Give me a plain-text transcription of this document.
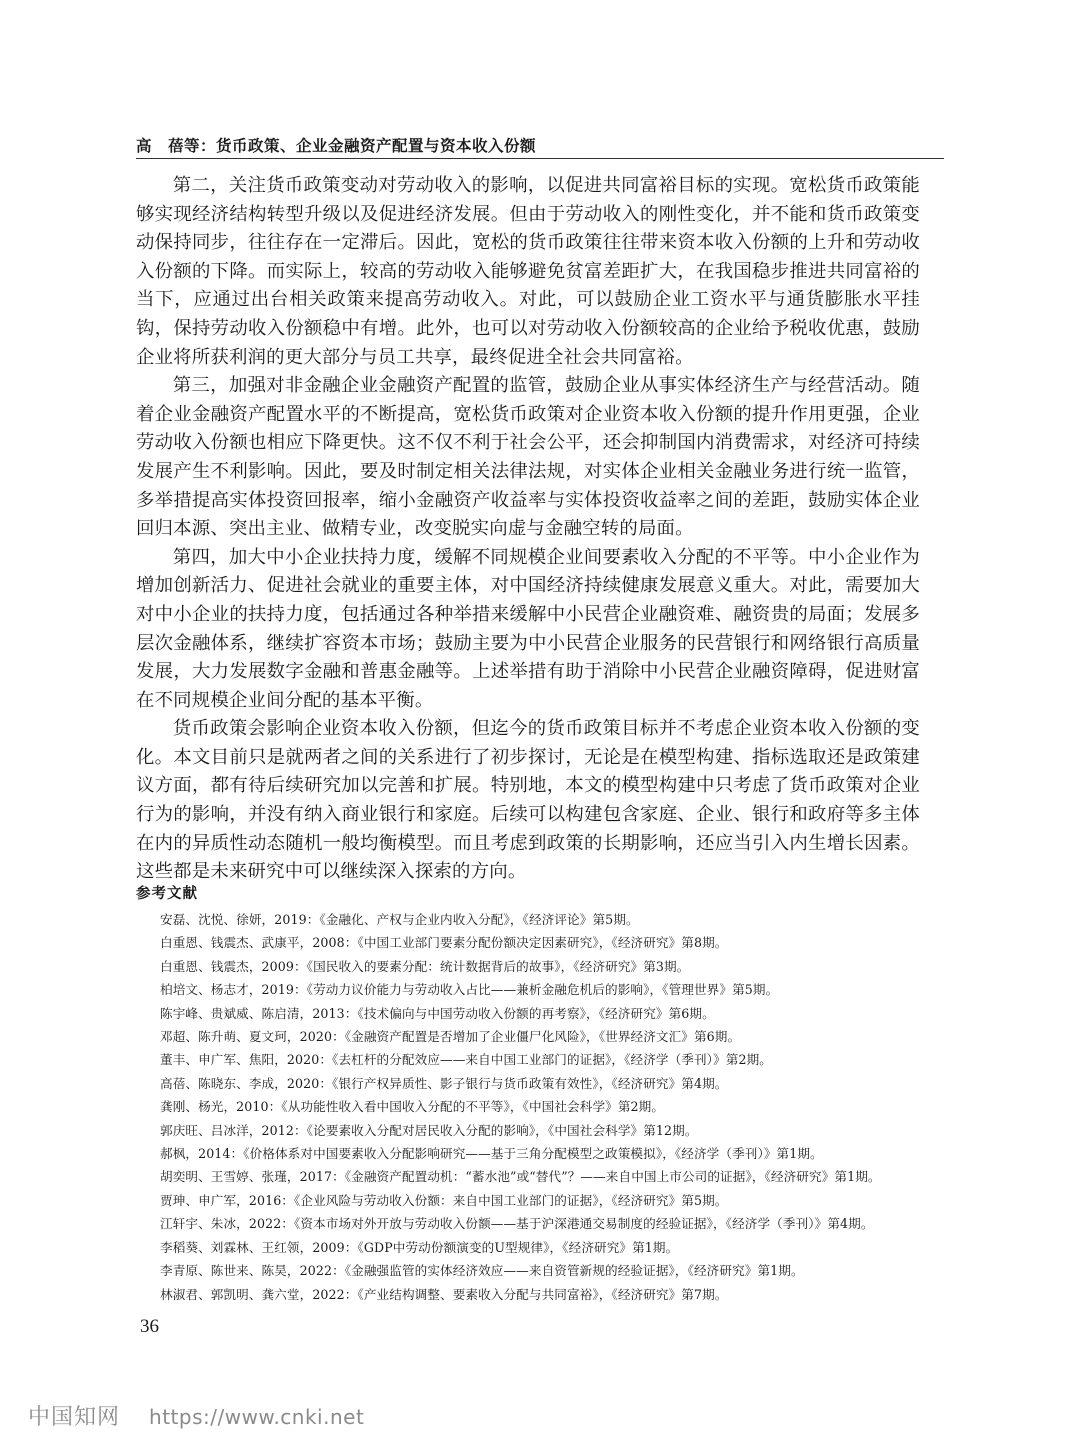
高　蓓等：货币政策、企业金融资产配置与资本收入份额

第二，关注货币政策变动对劳动收入的影响，以促进共同富裕目标的实现。宽松货币政策能够实现经济结构转型升级以及促进经济发展。但由于劳动收入的刚性变化，并不能和货币政策变动保持同步，往往存在一定滞后。因此，宽松的货币政策往往带来资本收入份额的上升和劳动收入份额的下降。而实际上，较高的劳动收入能够避免贫富差距扩大，在我国稳步推进共同富裕的当下，应通过出台相关政策来提高劳动收入。对此，可以鼓励企业工资水平与通货膨胀水平挂钩，保持劳动收入份额稳中有增。此外，也可以对劳动收入份额较高的企业给予税收优惠，鼓励企业将所获利润的更大部分与员工共享，最终促进全社会共同富裕。

第三，加强对非金融企业金融资产配置的监管，鼓励企业从事实体经济生产与经营活动。随着企业金融资产配置水平的不断提高，宽松货币政策对企业资本收入份额的提升作用更强，企业劳动收入份额也相应下降更快。这不仅不利于社会公平，还会抑制国内消费需求，对经济可持续发展产生不利影响。因此，要及时制定相关法律法规，对实体企业相关金融业务进行统一监管，多举措提高实体投资回报率，缩小金融资产收益率与实体投资收益率之间的差距，鼓励实体企业回归本源、突出主业、做精专业，改变脱实向虚与金融空转的局面。

第四，加大中小企业扶持力度，缓解不同规模企业间要素收入分配的不平等。中小企业作为增加创新活力、促进社会就业的重要主体，对中国经济持续健康发展意义重大。对此，需要加大对中小企业的扶持力度，包括通过各种举措来缓解中小民营企业融资难、融资贵的局面；发展多层次金融体系，继续扩容资本市场；鼓励主要为中小民营企业服务的民营银行和网络银行高质量发展，大力发展数字金融和普惠金融等。上述举措有助于消除中小民营企业融资障碍，促进财富在不同规模企业间分配的基本平衡。

货币政策会影响企业资本收入份额，但迄今的货币政策目标并不考虑企业资本收入份额的变化。本文目前只是就两者之间的关系进行了初步探讨，无论是在模型构建、指标选取还是政策建议方面，都有待后续研究加以完善和扩展。特别地，本文的模型构建中只考虑了货币政策对企业行为的影响，并没有纳入商业银行和家庭。后续可以构建包含家庭、企业、银行和政府等多主体在内的异质性动态随机一般均衡模型。而且考虑到政策的长期影响，还应当引入内生增长因素。这些都是未来研究中可以继续深入探索的方向。

参考文献
安磊、沈悦、徐妍，2019：《金融化、产权与企业内收入分配》，《经济评论》第5期。
白重恩、钱震杰、武康平，2008：《中国工业部门要素分配份额决定因素研究》，《经济研究》第8期。
白重恩、钱震杰，2009：《国民收入的要素分配：统计数据背后的故事》，《经济研究》第3期。
柏培文、杨志才，2019：《劳动力议价能力与劳动收入占比——兼析金融危机后的影响》，《管理世界》第5期。
陈宇峰、贵斌威、陈启清，2013：《技术偏向与中国劳动收入份额的再考察》，《经济研究》第6期。
邓超、陈升萌、夏文珂，2020：《金融资产配置是否增加了企业僵尸化风险》，《世界经济文汇》第6期。
董丰、申广军、焦阳，2020：《去杠杆的分配效应——来自中国工业部门的证据》，《经济学（季刊）》第2期。
高蓓、陈晓东、李成，2020：《银行产权异质性、影子银行与货币政策有效性》，《经济研究》第4期。
龚刚、杨光，2010：《从功能性收入看中国收入分配的不平等》，《中国社会科学》第2期。
郭庆旺、吕冰洋，2012：《论要素收入分配对居民收入分配的影响》，《中国社会科学》第12期。
郝枫，2014：《价格体系对中国要素收入分配影响研究——基于三角分配模型之政策模拟》，《经济学（季刊）》第1期。
胡奕明、王雪婷、张瑾，2017：《金融资产配置动机：“蓄水池”或“替代”？——来自中国上市公司的证据》，《经济研究》第1期。
贾珅、申广军，2016：《企业风险与劳动收入份额：来自中国工业部门的证据》，《经济研究》第5期。
江轩宇、朱冰，2022：《资本市场对外开放与劳动收入份额——基于沪深港通交易制度的经验证据》，《经济学（季刊）》第4期。
李稻葵、刘霖林、王红领，2009：《GDP中劳动份额演变的U型规律》，《经济研究》第1期。
李青原、陈世来、陈昊，2022：《金融强监管的实体经济效应——来自资管新规的经验证据》，《经济研究》第1期。
林淑君、郭凯明、龚六堂，2022：《产业结构调整、要素收入分配与共同富裕》，《经济研究》第7期。
36
中国知网 https://www.cnki.net
